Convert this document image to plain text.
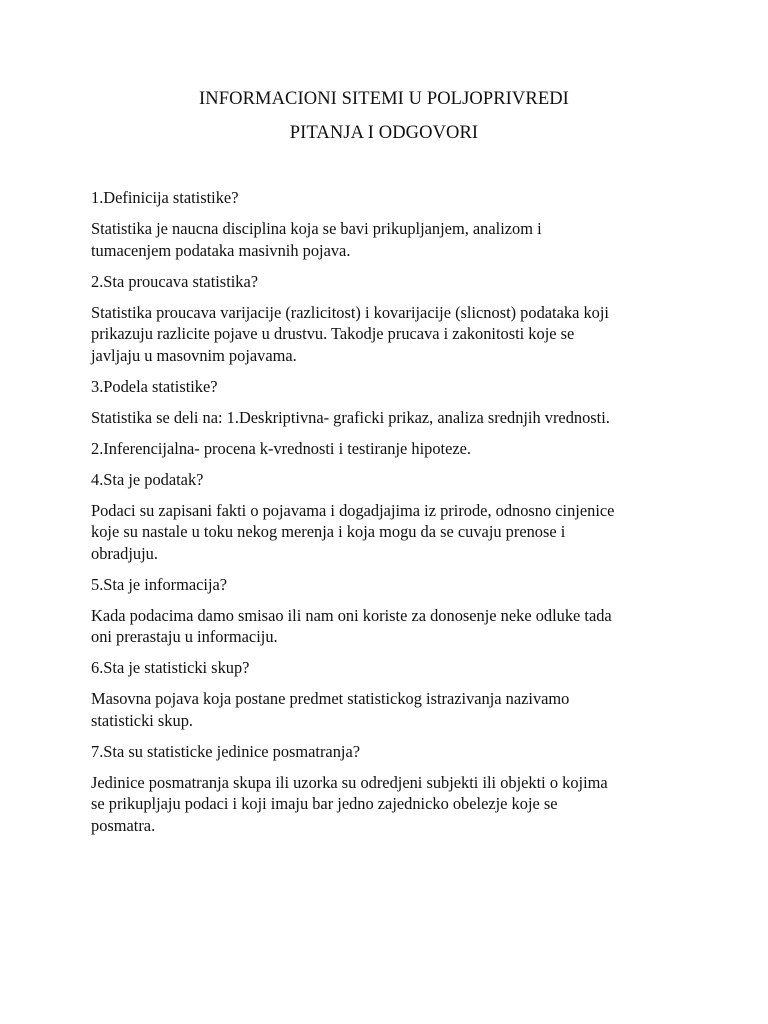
INFORMACIONI SITEMI U POLJOPRIVREDI
PITANJA I ODGOVORI

1.Definicija statistike?

Statistika je naucna disciplina koja se bavi prikupljanjem, analizom i
tumacenjem podataka masivnih pojava.

2.Sta proucava statistika?

Statistika proucava varijacije (razlicitost) i kovarijacije (slicnost) podataka koji
prikazuju razlicite pojave u drustvu. Takodje prucava i zakonitosti koje se
javljaju u masovnim pojavama.

3.Podela statistike?

Statistika se deli na: 1.Deskriptivna- graficki prikaz, analiza srednjih vrednosti.

2.Inferencijalna- procena k-vrednosti i testiranje hipoteze.

4.Sta je podatak?

Podaci su zapisani fakti o pojavama i dogadjajima iz prirode, odnosno cinjenice
koje su nastale u toku nekog merenja i koja mogu da se cuvaju prenose i
obradjuju.

5.Sta je informacija?

Kada podacima damo smisao ili nam oni koriste za donosenje neke odluke tada
oni prerastaju u informaciju.

6.Sta je statisticki skup?

Masovna pojava koja postane predmet statistickog istrazivanja nazivamo
statisticki skup.

7.Sta su statisticke jedinice posmatranja?

Jedinice posmatranja skupa ili uzorka su odredjeni subjekti ili objekti o kojima
se prikupljaju podaci i koji imaju bar jedno zajednicko obelezje koje se
posmatra.
